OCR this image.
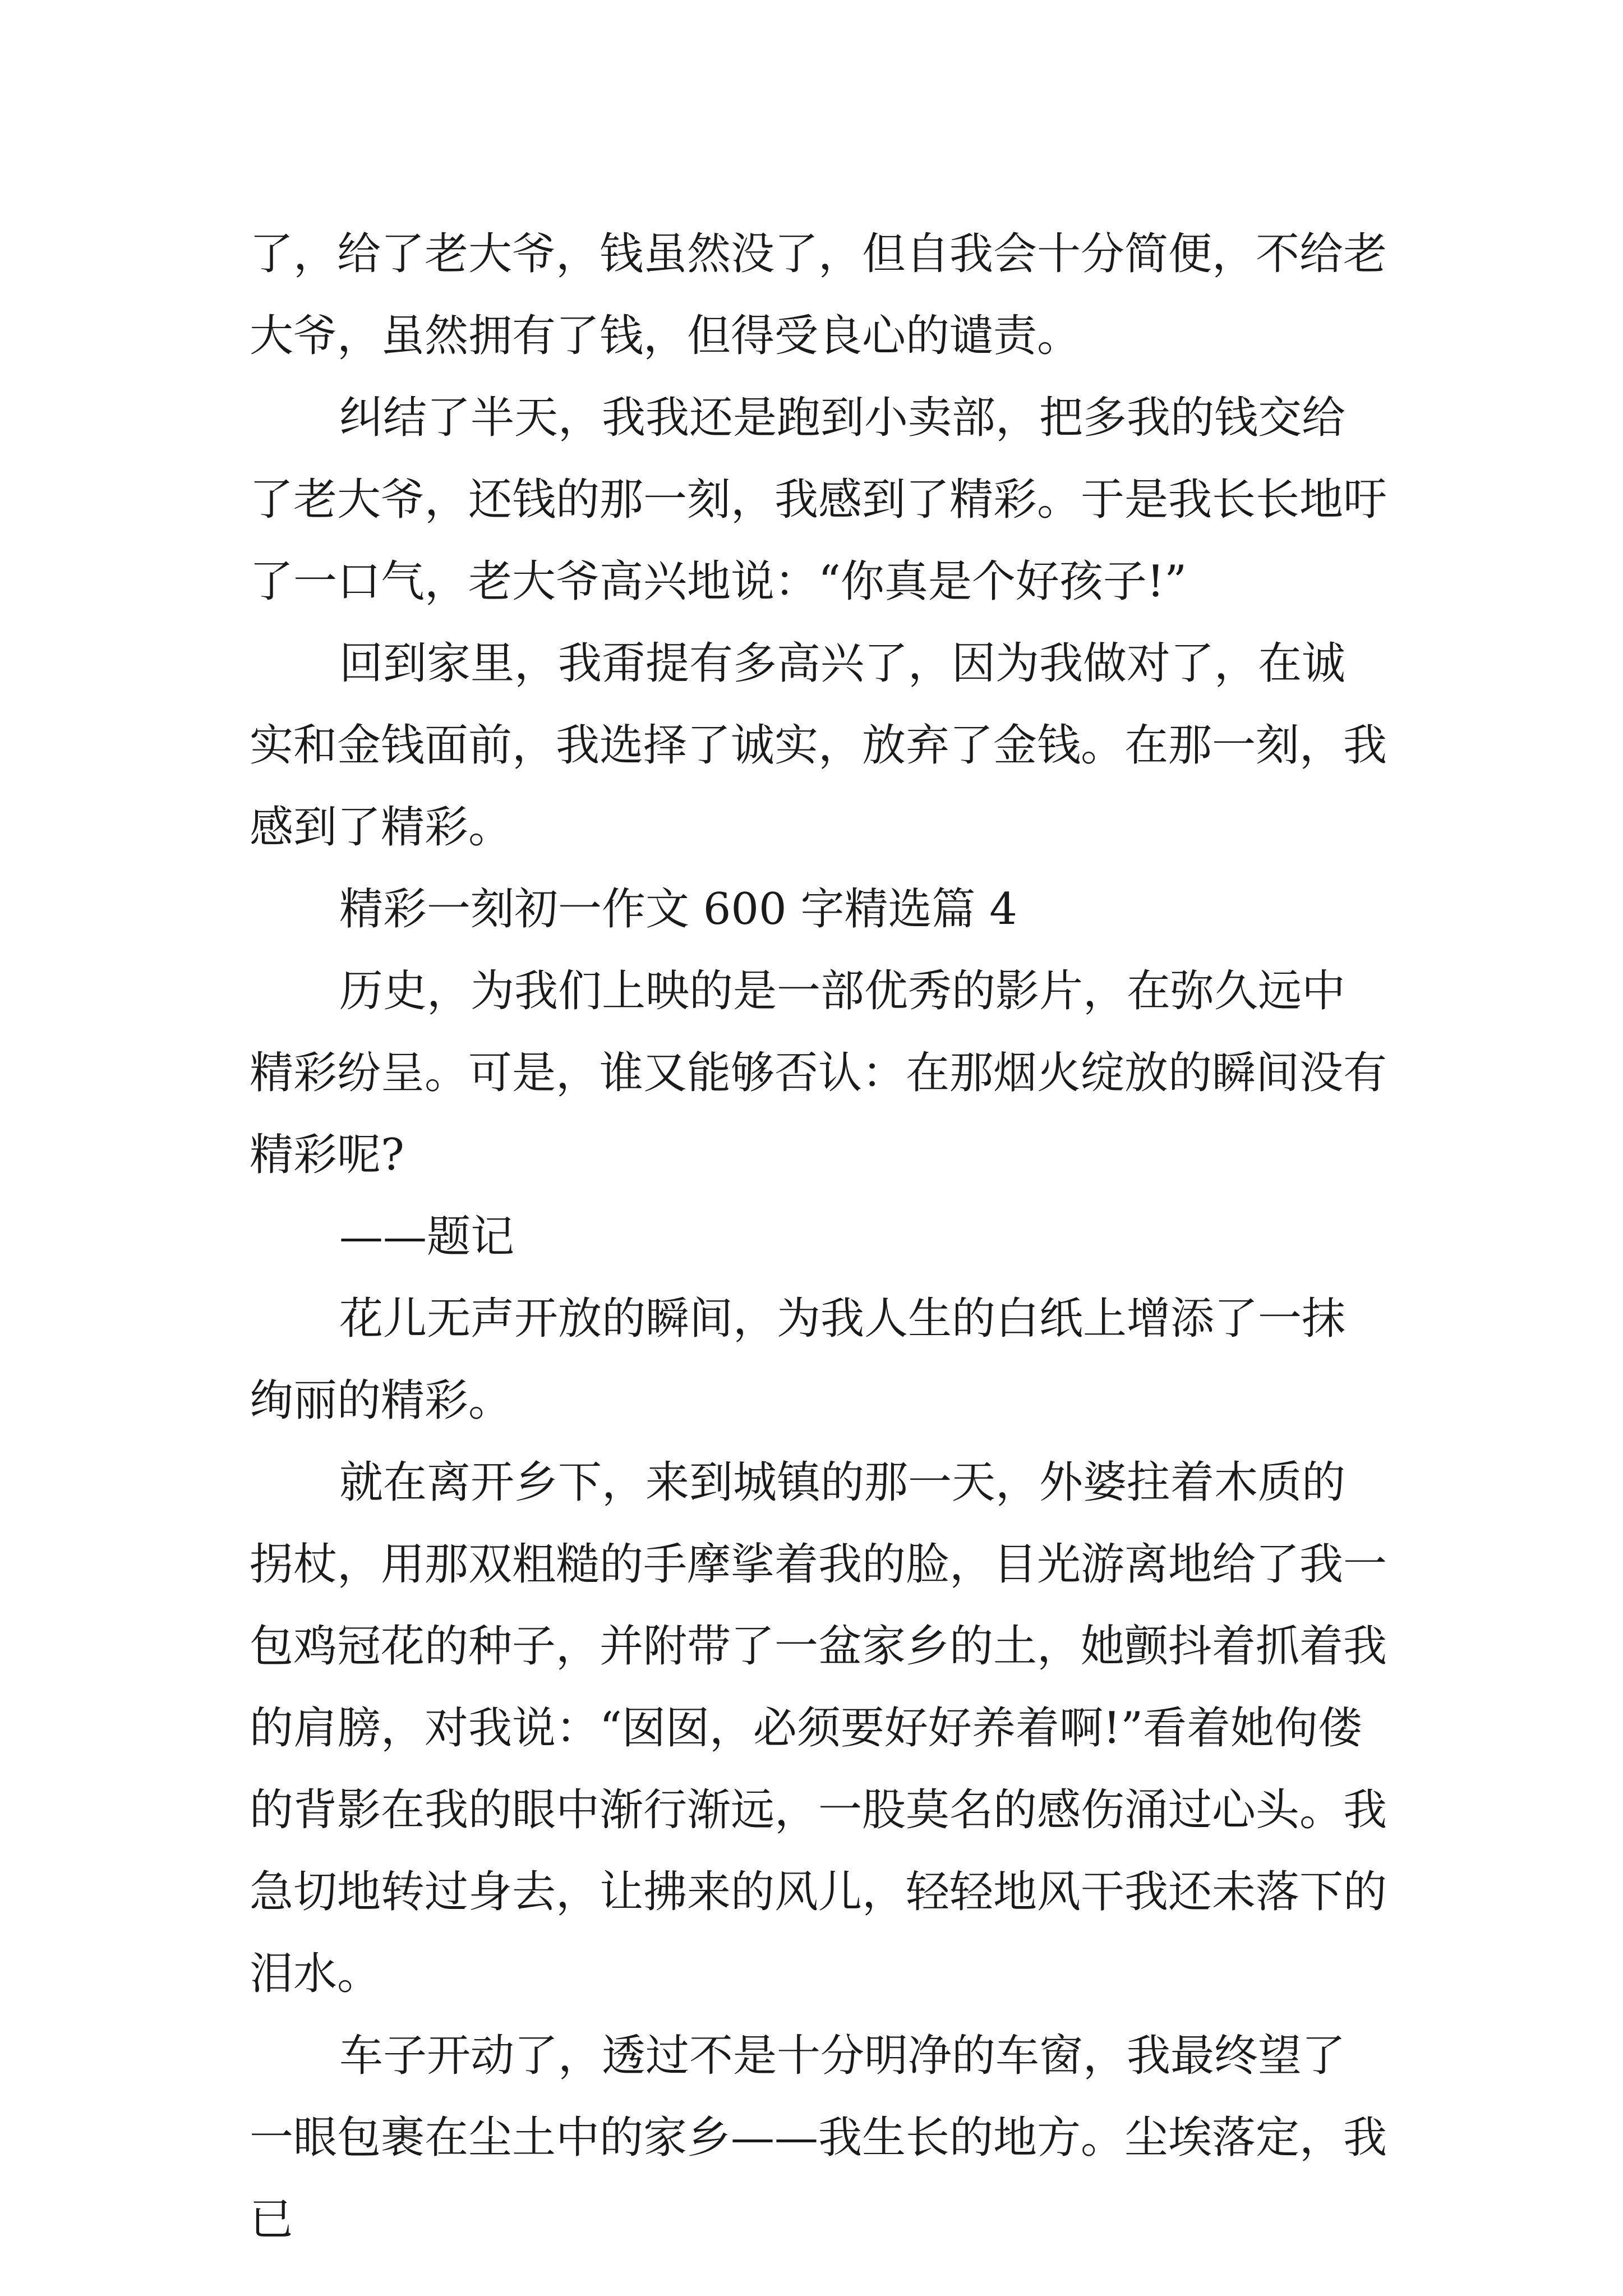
了，给了老大爷，钱虽然没了，但自我会十分简便，不给老大爷，虽然拥有了钱，但得受良心的谴责。

纠结了半天，我我还是跑到小卖部，把多我的钱交给了老大爷，还钱的那一刻，我感到了精彩。于是我长长地吁了一口气，老大爷高兴地说：“你真是个好孩子!”

回到家里，我甭提有多高兴了，因为我做对了，在诚实和金钱面前，我选择了诚实，放弃了金钱。在那一刻，我感到了精彩。

精彩一刻初一作文 600 字精选篇 4

历史，为我们上映的是一部优秀的影片，在弥久远中精彩纷呈。可是，谁又能够否认：在那烟火绽放的瞬间没有精彩呢?

——题记

花儿无声开放的瞬间，为我人生的白纸上增添了一抹绚丽的精彩。

就在离开乡下，来到城镇的那一天，外婆拄着木质的拐杖，用那双粗糙的手摩挲着我的脸，目光游离地给了我一包鸡冠花的种子，并附带了一盆家乡的土，她颤抖着抓着我的肩膀，对我说：“囡囡，必须要好好养着啊!”看着她佝偻的背影在我的眼中渐行渐远，一股莫名的感伤涌过心头。我急切地转过身去，让拂来的风儿，轻轻地风干我还未落下的泪水。

车子开动了，透过不是十分明净的车窗，我最终望了一眼包裹在尘土中的家乡——我生长的地方。尘埃落定，我已
